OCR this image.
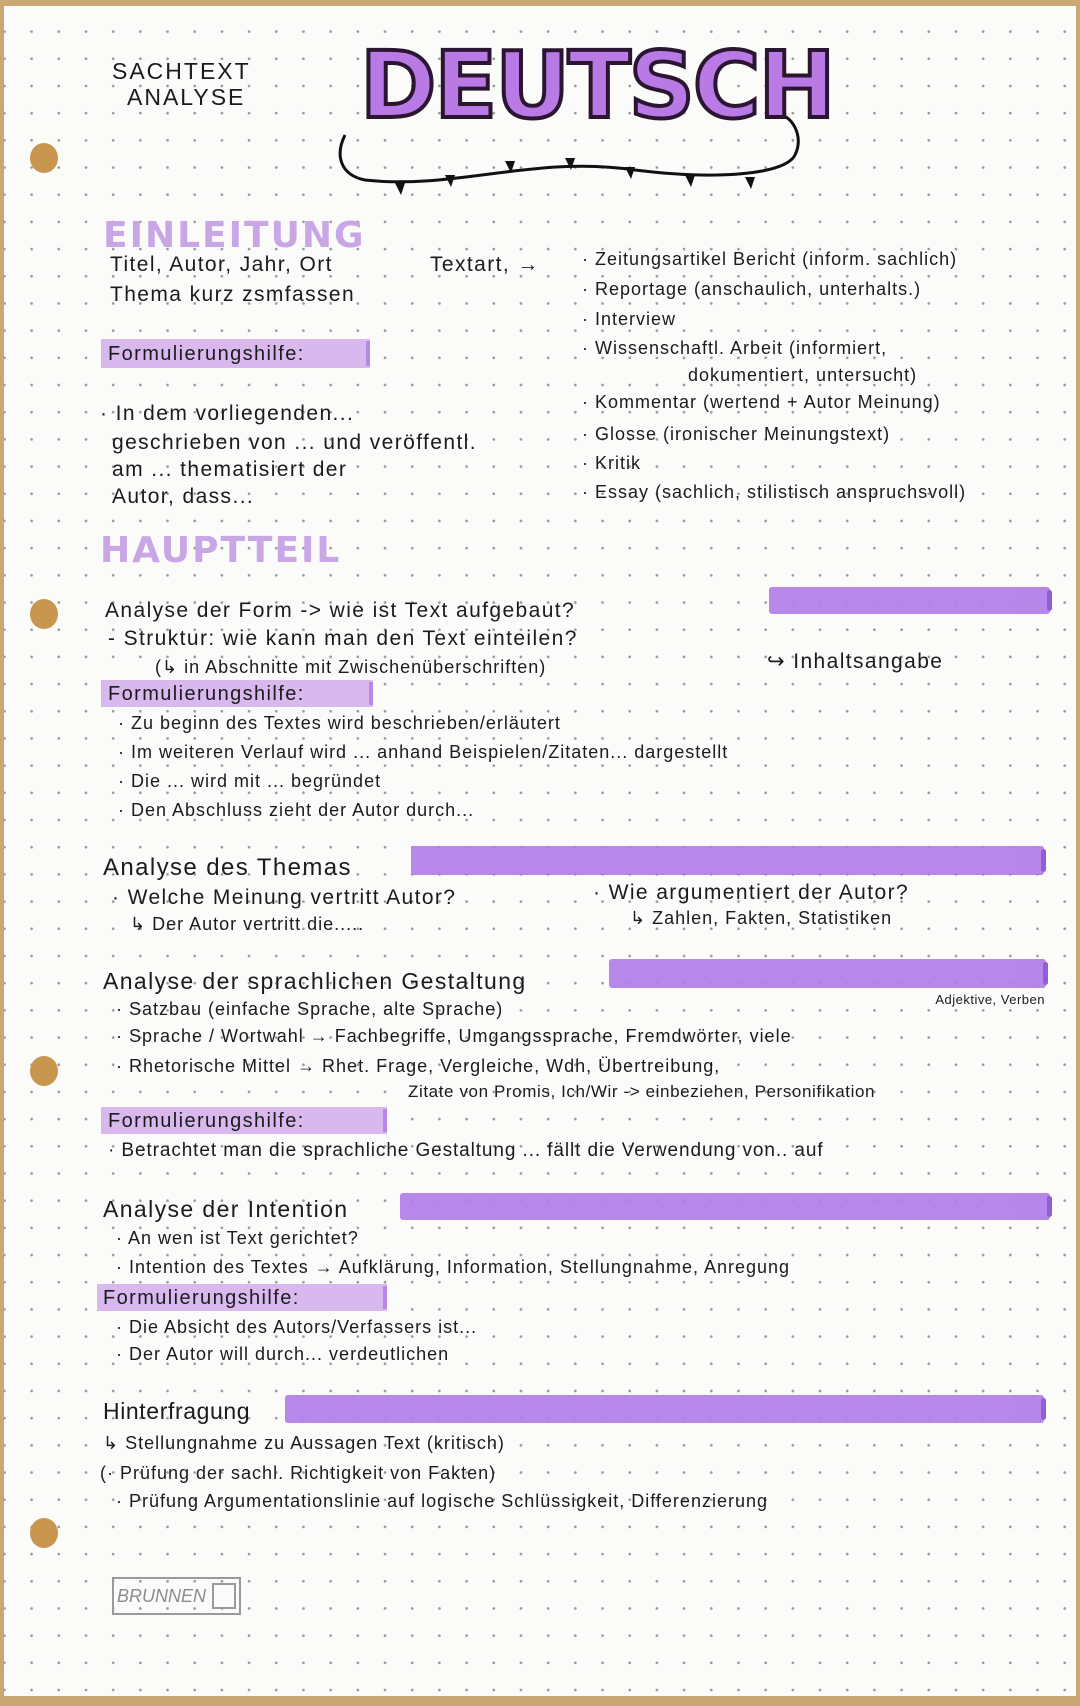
SACHTEXT
ANALYSE DEUTSCH
EINLEITUNG
Titel, Autor, Jahr, Ort	Textart, →
Thema kurz zsmfassen
Formulierungshilfe:
· In dem vorliegenden...
geschrieben von ... und veröffentl.
am ... thematisiert der
Autor, dass...
· Zeitungsartikel Bericht (inform. sachlich)
· Reportage (anschaulich, unterhalts.)
· Interview
· Wissenschaftl. Arbeit (informiert,
dokumentiert, untersucht)
· Kommentar (wertend + Autor Meinung)
· Glosse (ironischer Meinungstext)
· Kritik
· Essay (sachlich, stilistisch anspruchsvoll)
HAUPTTEIL
Analyse der Form -> wie ist Text aufgebaut?
- Struktur: wie kann man den Text einteilen?
(↳ in Abschnitte mit Zwischenüberschriften)	↪ Inhaltsangabe
Formulierungshilfe:
· Zu beginn des Textes wird beschrieben/erläutert
· Im weiteren Verlauf wird ... anhand Beispielen/Zitaten... dargestellt
· Die ... wird mit ... begründet
· Den Abschluss zieht der Autor durch...
Analyse des Themas
· Welche Meinung vertritt Autor?
↳ Der Autor vertritt die.....
· Wie argumentiert der Autor?
↳ Zahlen, Fakten, Statistiken
Analyse der sprachlichen Gestaltung
· Satzbau (einfache Sprache, alte Sprache)
· Sprache / Wortwahl → Fachbegriffe, Umgangssprache, Fremdwörter, viele
Adjektive, Verben
· Rhetorische Mittel → Rhet. Frage, Vergleiche, Wdh, Übertreibung,
Zitate von Promis, Ich/Wir -> einbeziehen, Personifikation
Formulierungshilfe:
· Betrachtet man die sprachliche Gestaltung ... fällt die Verwendung von.. auf
Analyse der Intention
· An wen ist Text gerichtet?
· Intention des Textes → Aufklärung, Information, Stellungnahme, Anregung
Formulierungshilfe:
· Die Absicht des Autors/Verfassers ist...
· Der Autor will durch... verdeutlichen
Hinterfragung
↳ Stellungnahme zu Aussagen Text (kritisch)
(· Prüfung der sachl. Richtigkeit von Fakten)
· Prüfung Argumentationslinie auf logische Schlüssigkeit, Differenzierung
BRUNNEN
